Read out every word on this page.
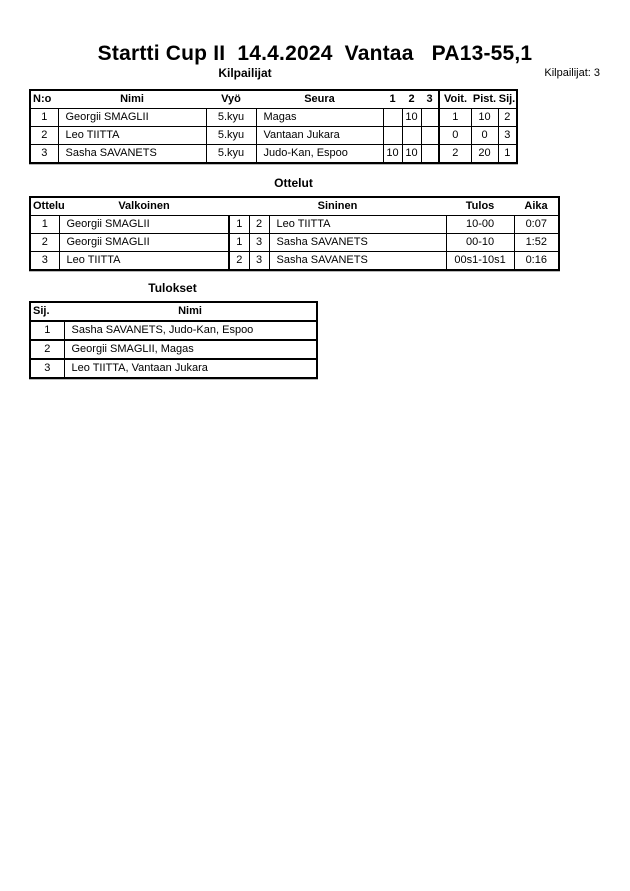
Startti Cup II  14.4.2024  Vantaa   PA13-55,1
Kilpailijat	Kilpailijat: 3
N:o	Nimi	Vyö	Seura	1	2	3	Voit.	Pist.	Sij.
1	Georgii SMAGLII	5.kyu	Magas		10		1	10	2
2	Leo TIITTA	5.kyu	Vantaan Jukara				0	0	3
3	Sasha SAVANETS	5.kyu	Judo-Kan, Espoo	10	10		2	20	1
Ottelut
Ottelu	Valkoinen	Sininen			Tulos	Aika
1	Georgii SMAGLII	1	2	Leo TIITTA	10-00	0:07
2	Georgii SMAGLII	1	3	Sasha SAVANETS	00-10	1:52
3	Leo TIITTA	2	3	Sasha SAVANETS	00s1-10s1	0:16
Tulokset
Sij.	Nimi
1	Sasha SAVANETS, Judo-Kan, Espoo
2	Georgii SMAGLII, Magas
3	Leo TIITTA, Vantaan Jukara
